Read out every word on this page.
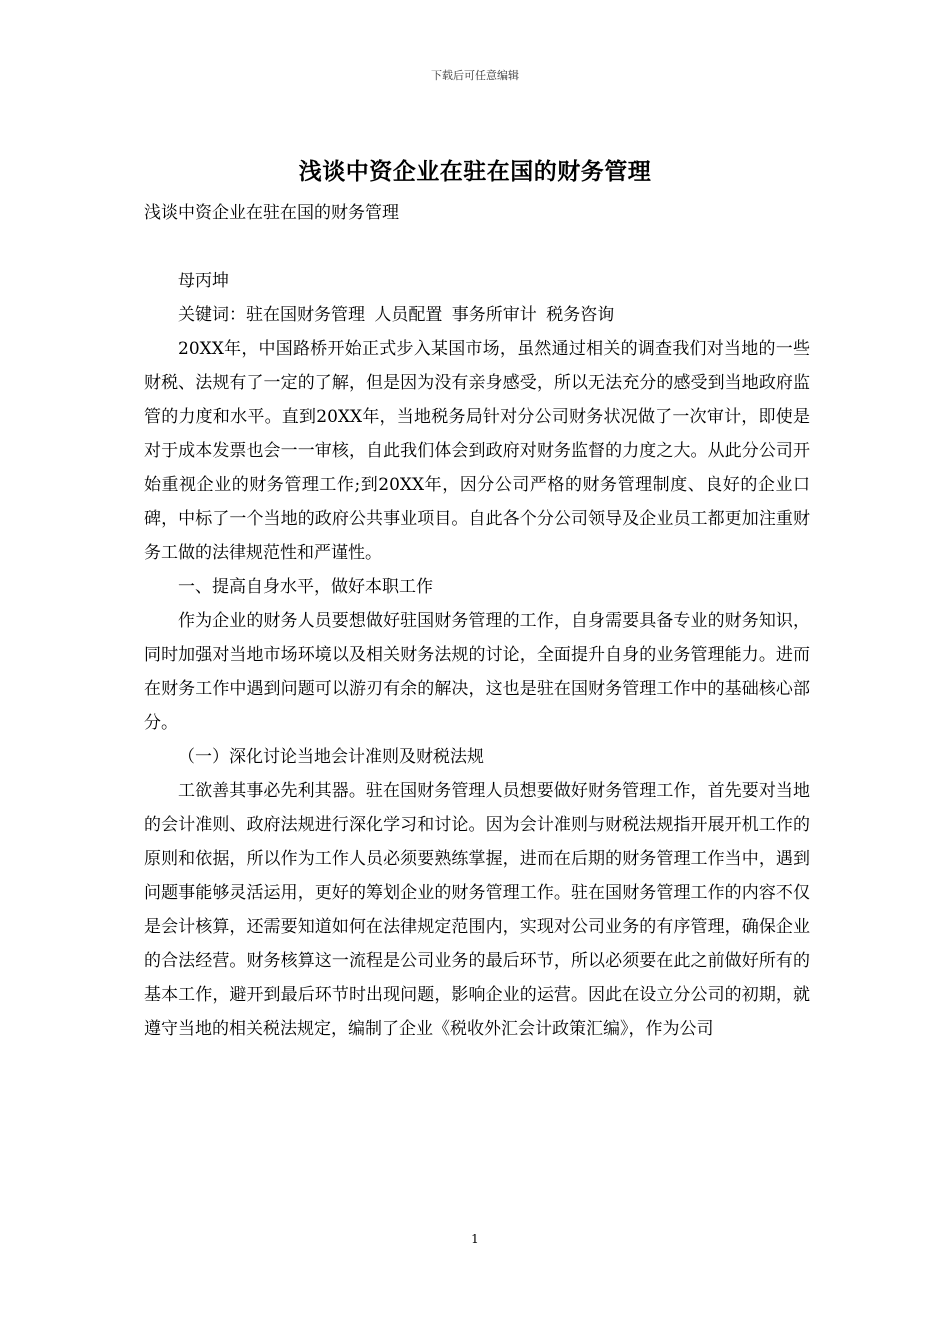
下载后可任意编辑
浅谈中资企业在驻在国的财务管理

浅谈中资企业在驻在国的财务管理

母丙坤

关键词：驻在国财务管理 人员配置 事务所审计 税务咨询

20XX年，中国路桥开始正式步入某国市场，虽然通过相关的调查我们对当地的一些财税、法规有了一定的了解，但是因为没有亲身感受，所以无法充分的感受到当地政府监管的力度和水平。直到20XX年，当地税务局针对分公司财务状况做了一次审计，即使是对于成本发票也会一一审核，自此我们体会到政府对财务监督的力度之大。从此分公司开始重视企业的财务管理工作;到20XX年，因分公司严格的财务管理制度、良好的企业口碑，中标了一个当地的政府公共事业项目。自此各个分公司领导及企业员工都更加注重财务工做的法律规范性和严谨性。

一、提高自身水平，做好本职工作

作为企业的财务人员要想做好驻国财务管理的工作，自身需要具备专业的财务知识，同时加强对当地市场环境以及相关财务法规的讨论，全面提升自身的业务管理能力。进而在财务工作中遇到问题可以游刃有余的解决，这也是驻在国财务管理工作中的基础核心部分。

（一）深化讨论当地会计准则及财税法规

工欲善其事必先利其器。驻在国财务管理人员想要做好财务管理工作，首先要对当地的会计准则、政府法规进行深化学习和讨论。因为会计准则与财税法规指开展开机工作的原则和依据，所以作为工作人员必须要熟练掌握，进而在后期的财务管理工作当中，遇到问题事能够灵活运用，更好的筹划企业的财务管理工作。驻在国财务管理工作的内容不仅是会计核算，还需要知道如何在法律规定范围内，实现对公司业务的有序管理，确保企业的合法经营。财务核算这一流程是公司业务的最后环节，所以必须要在此之前做好所有的基本工作，避开到最后环节时出现问题，影响企业的运营。因此在设立分公司的初期，就遵守当地的相关税法规定，编制了企业《税收外汇会计政策汇编》，作为公司

1
